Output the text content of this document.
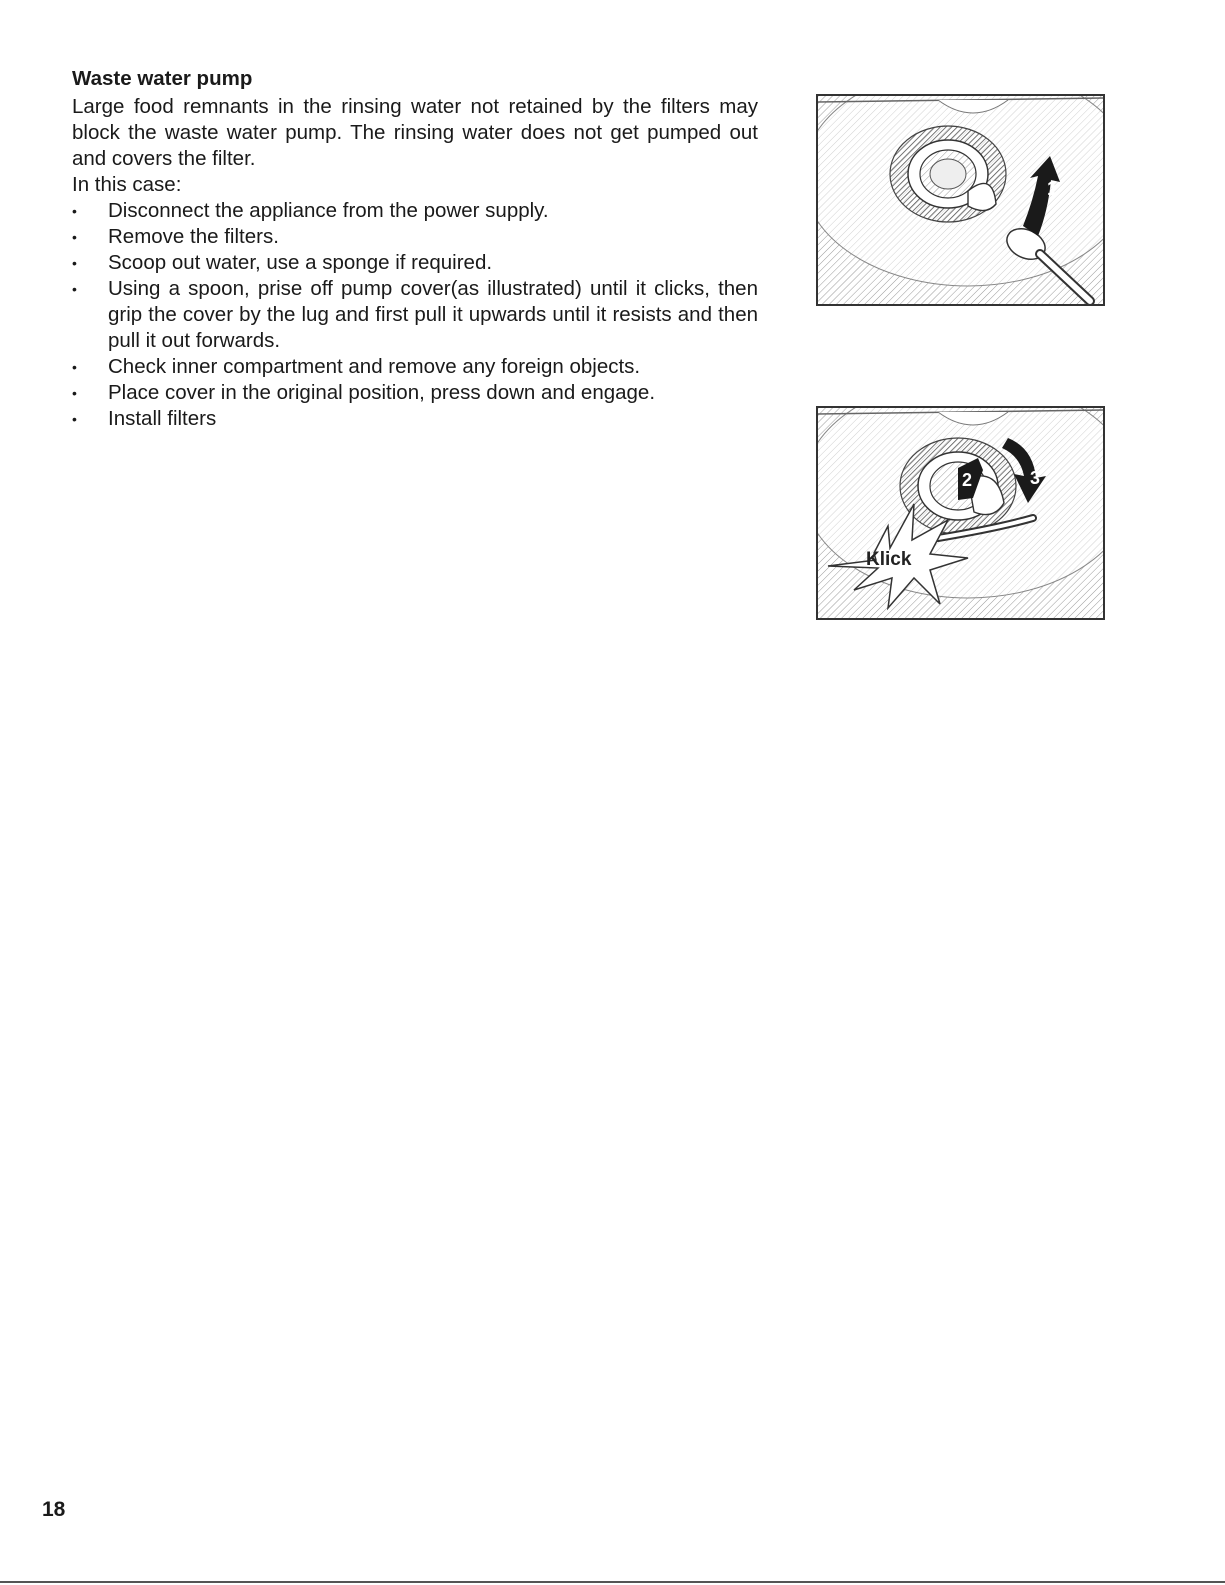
Waste water pump

Large food remnants in the rinsing water not retained by the filters may block the waste water pump. The rinsing water does not get pumped out and covers the filter.

In this case:

• Disconnect the appliance from the power supply.
• Remove the filters.
• Scoop out water, use a sponge if required.
• Using a spoon, prise off pump cover(as illustrated) until it clicks, then grip the cover by the lug and first pull it upwards until it resists and then pull it out forwards.
• Check inner compartment and remove any foreign objects.
• Place cover in the original position, press down and engage.
• Install filters
1
2	3
Klick
18
